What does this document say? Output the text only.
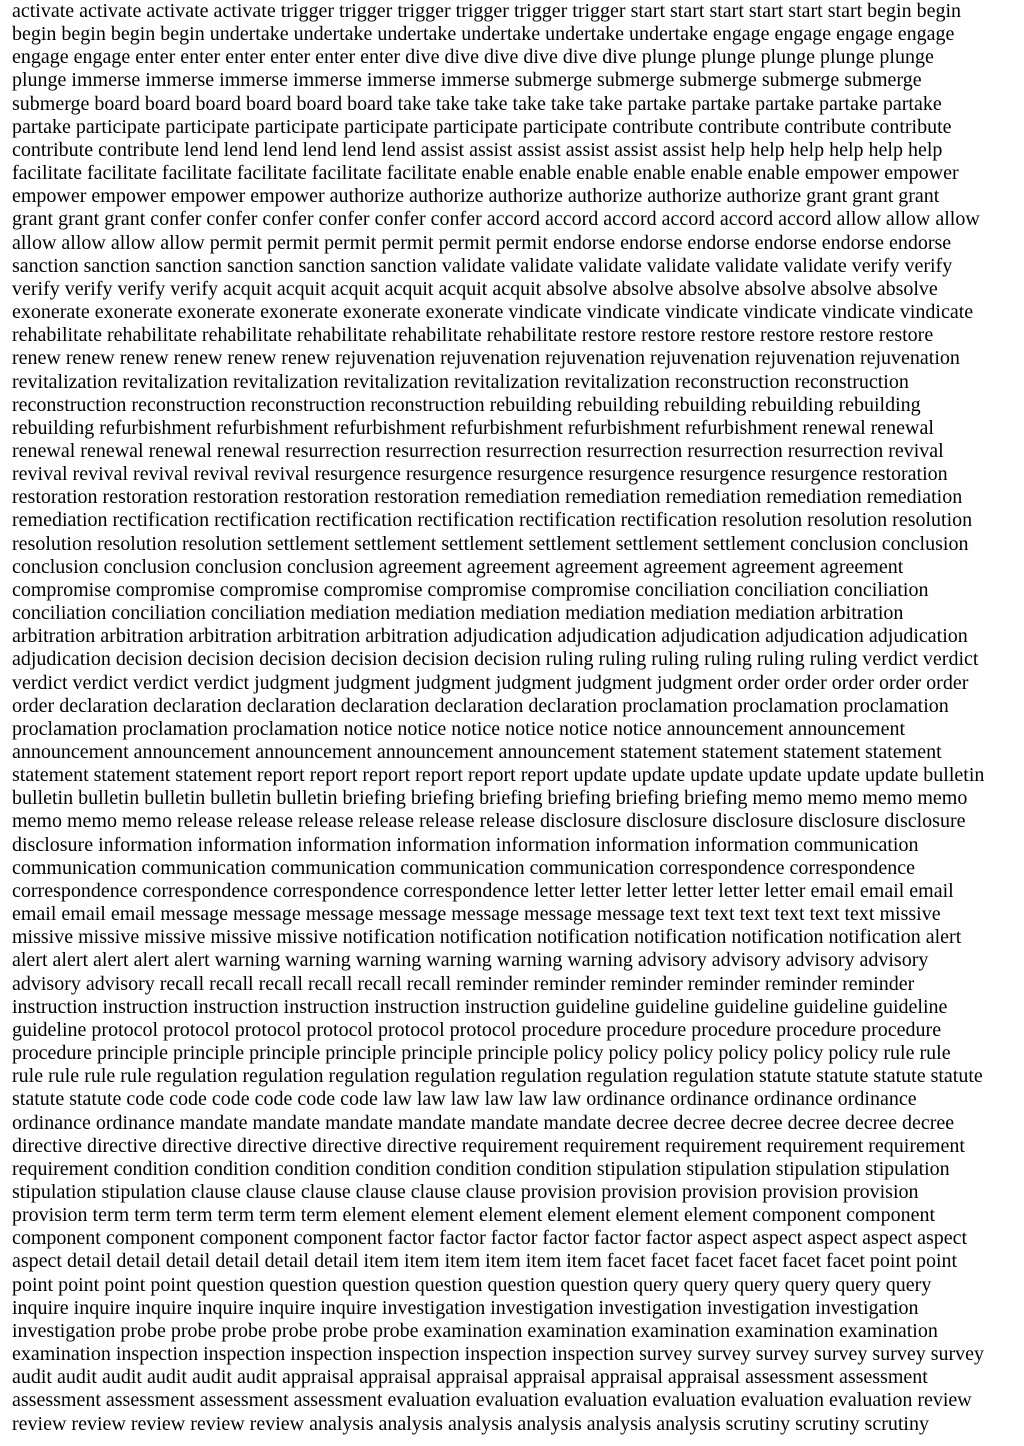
activate activate activate activate trigger trigger trigger trigger trigger trigger start start start start start start begin begin
begin begin begin begin undertake undertake undertake undertake undertake undertake engage engage engage engage
engage engage enter enter enter enter enter enter dive dive dive dive dive dive plunge plunge plunge plunge plunge
plunge immerse immerse immerse immerse immerse immerse submerge submerge submerge submerge submerge
submerge board board board board board board take take take take take take partake partake partake partake partake
partake participate participate participate participate participate participate contribute contribute contribute contribute
contribute contribute lend lend lend lend lend lend assist assist assist assist assist assist help help help help help help
facilitate facilitate facilitate facilitate facilitate facilitate enable enable enable enable enable enable empower empower
empower empower empower empower authorize authorize authorize authorize authorize authorize grant grant grant
grant grant grant confer confer confer confer confer confer accord accord accord accord accord accord allow allow allow
allow allow allow allow permit permit permit permit permit permit endorse endorse endorse endorse endorse endorse
sanction sanction sanction sanction sanction sanction validate validate validate validate validate validate verify verify
verify verify verify verify acquit acquit acquit acquit acquit acquit absolve absolve absolve absolve absolve absolve
exonerate exonerate exonerate exonerate exonerate exonerate vindicate vindicate vindicate vindicate vindicate vindicate
rehabilitate rehabilitate rehabilitate rehabilitate rehabilitate rehabilitate restore restore restore restore restore restore
renew renew renew renew renew renew rejuvenation rejuvenation rejuvenation rejuvenation rejuvenation rejuvenation
revitalization revitalization revitalization revitalization revitalization revitalization reconstruction reconstruction
reconstruction reconstruction reconstruction reconstruction rebuilding rebuilding rebuilding rebuilding rebuilding
rebuilding refurbishment refurbishment refurbishment refurbishment refurbishment refurbishment renewal renewal
renewal renewal renewal renewal resurrection resurrection resurrection resurrection resurrection resurrection revival
revival revival revival revival revival resurgence resurgence resurgence resurgence resurgence resurgence restoration
restoration restoration restoration restoration restoration remediation remediation remediation remediation remediation
remediation rectification rectification rectification rectification rectification rectification resolution resolution resolution
resolution resolution resolution settlement settlement settlement settlement settlement settlement conclusion conclusion
conclusion conclusion conclusion conclusion agreement agreement agreement agreement agreement agreement
compromise compromise compromise compromise compromise compromise conciliation conciliation conciliation
conciliation conciliation conciliation mediation mediation mediation mediation mediation mediation arbitration
arbitration arbitration arbitration arbitration arbitration adjudication adjudication adjudication adjudication adjudication
adjudication decision decision decision decision decision decision ruling ruling ruling ruling ruling ruling verdict verdict
verdict verdict verdict verdict judgment judgment judgment judgment judgment judgment order order order order order
order declaration declaration declaration declaration declaration declaration proclamation proclamation proclamation
proclamation proclamation proclamation notice notice notice notice notice notice announcement announcement
announcement announcement announcement announcement announcement statement statement statement statement
statement statement statement report report report report report report update update update update update update bulletin
bulletin bulletin bulletin bulletin bulletin briefing briefing briefing briefing briefing briefing memo memo memo memo
memo memo memo release release release release release release disclosure disclosure disclosure disclosure disclosure
disclosure information information information information information information information communication
communication communication communication communication communication correspondence correspondence
correspondence correspondence correspondence correspondence letter letter letter letter letter letter email email email
email email email message message message message message message message text text text text text text missive
missive missive missive missive missive notification notification notification notification notification notification alert
alert alert alert alert alert warning warning warning warning warning warning advisory advisory advisory advisory
advisory advisory recall recall recall recall recall recall reminder reminder reminder reminder reminder reminder
instruction instruction instruction instruction instruction instruction guideline guideline guideline guideline guideline
guideline protocol protocol protocol protocol protocol protocol procedure procedure procedure procedure procedure
procedure principle principle principle principle principle principle policy policy policy policy policy policy rule rule
rule rule rule rule regulation regulation regulation regulation regulation regulation regulation statute statute statute statute
statute statute code code code code code code law law law law law law ordinance ordinance ordinance ordinance
ordinance ordinance mandate mandate mandate mandate mandate mandate decree decree decree decree decree decree
directive directive directive directive directive directive requirement requirement requirement requirement requirement
requirement condition condition condition condition condition condition stipulation stipulation stipulation stipulation
stipulation stipulation clause clause clause clause clause clause provision provision provision provision provision
provision term term term term term term element element element element element element component component
component component component component factor factor factor factor factor factor aspect aspect aspect aspect aspect
aspect detail detail detail detail detail detail item item item item item item facet facet facet facet facet facet point point
point point point point question question question question question question query query query query query query
inquire inquire inquire inquire inquire inquire investigation investigation investigation investigation investigation
investigation probe probe probe probe probe probe examination examination examination examination examination
examination inspection inspection inspection inspection inspection inspection survey survey survey survey survey survey
audit audit audit audit audit audit appraisal appraisal appraisal appraisal appraisal appraisal assessment assessment
assessment assessment assessment assessment evaluation evaluation evaluation evaluation evaluation evaluation review
review review review review review analysis analysis analysis analysis analysis analysis scrutiny scrutiny scrutiny
